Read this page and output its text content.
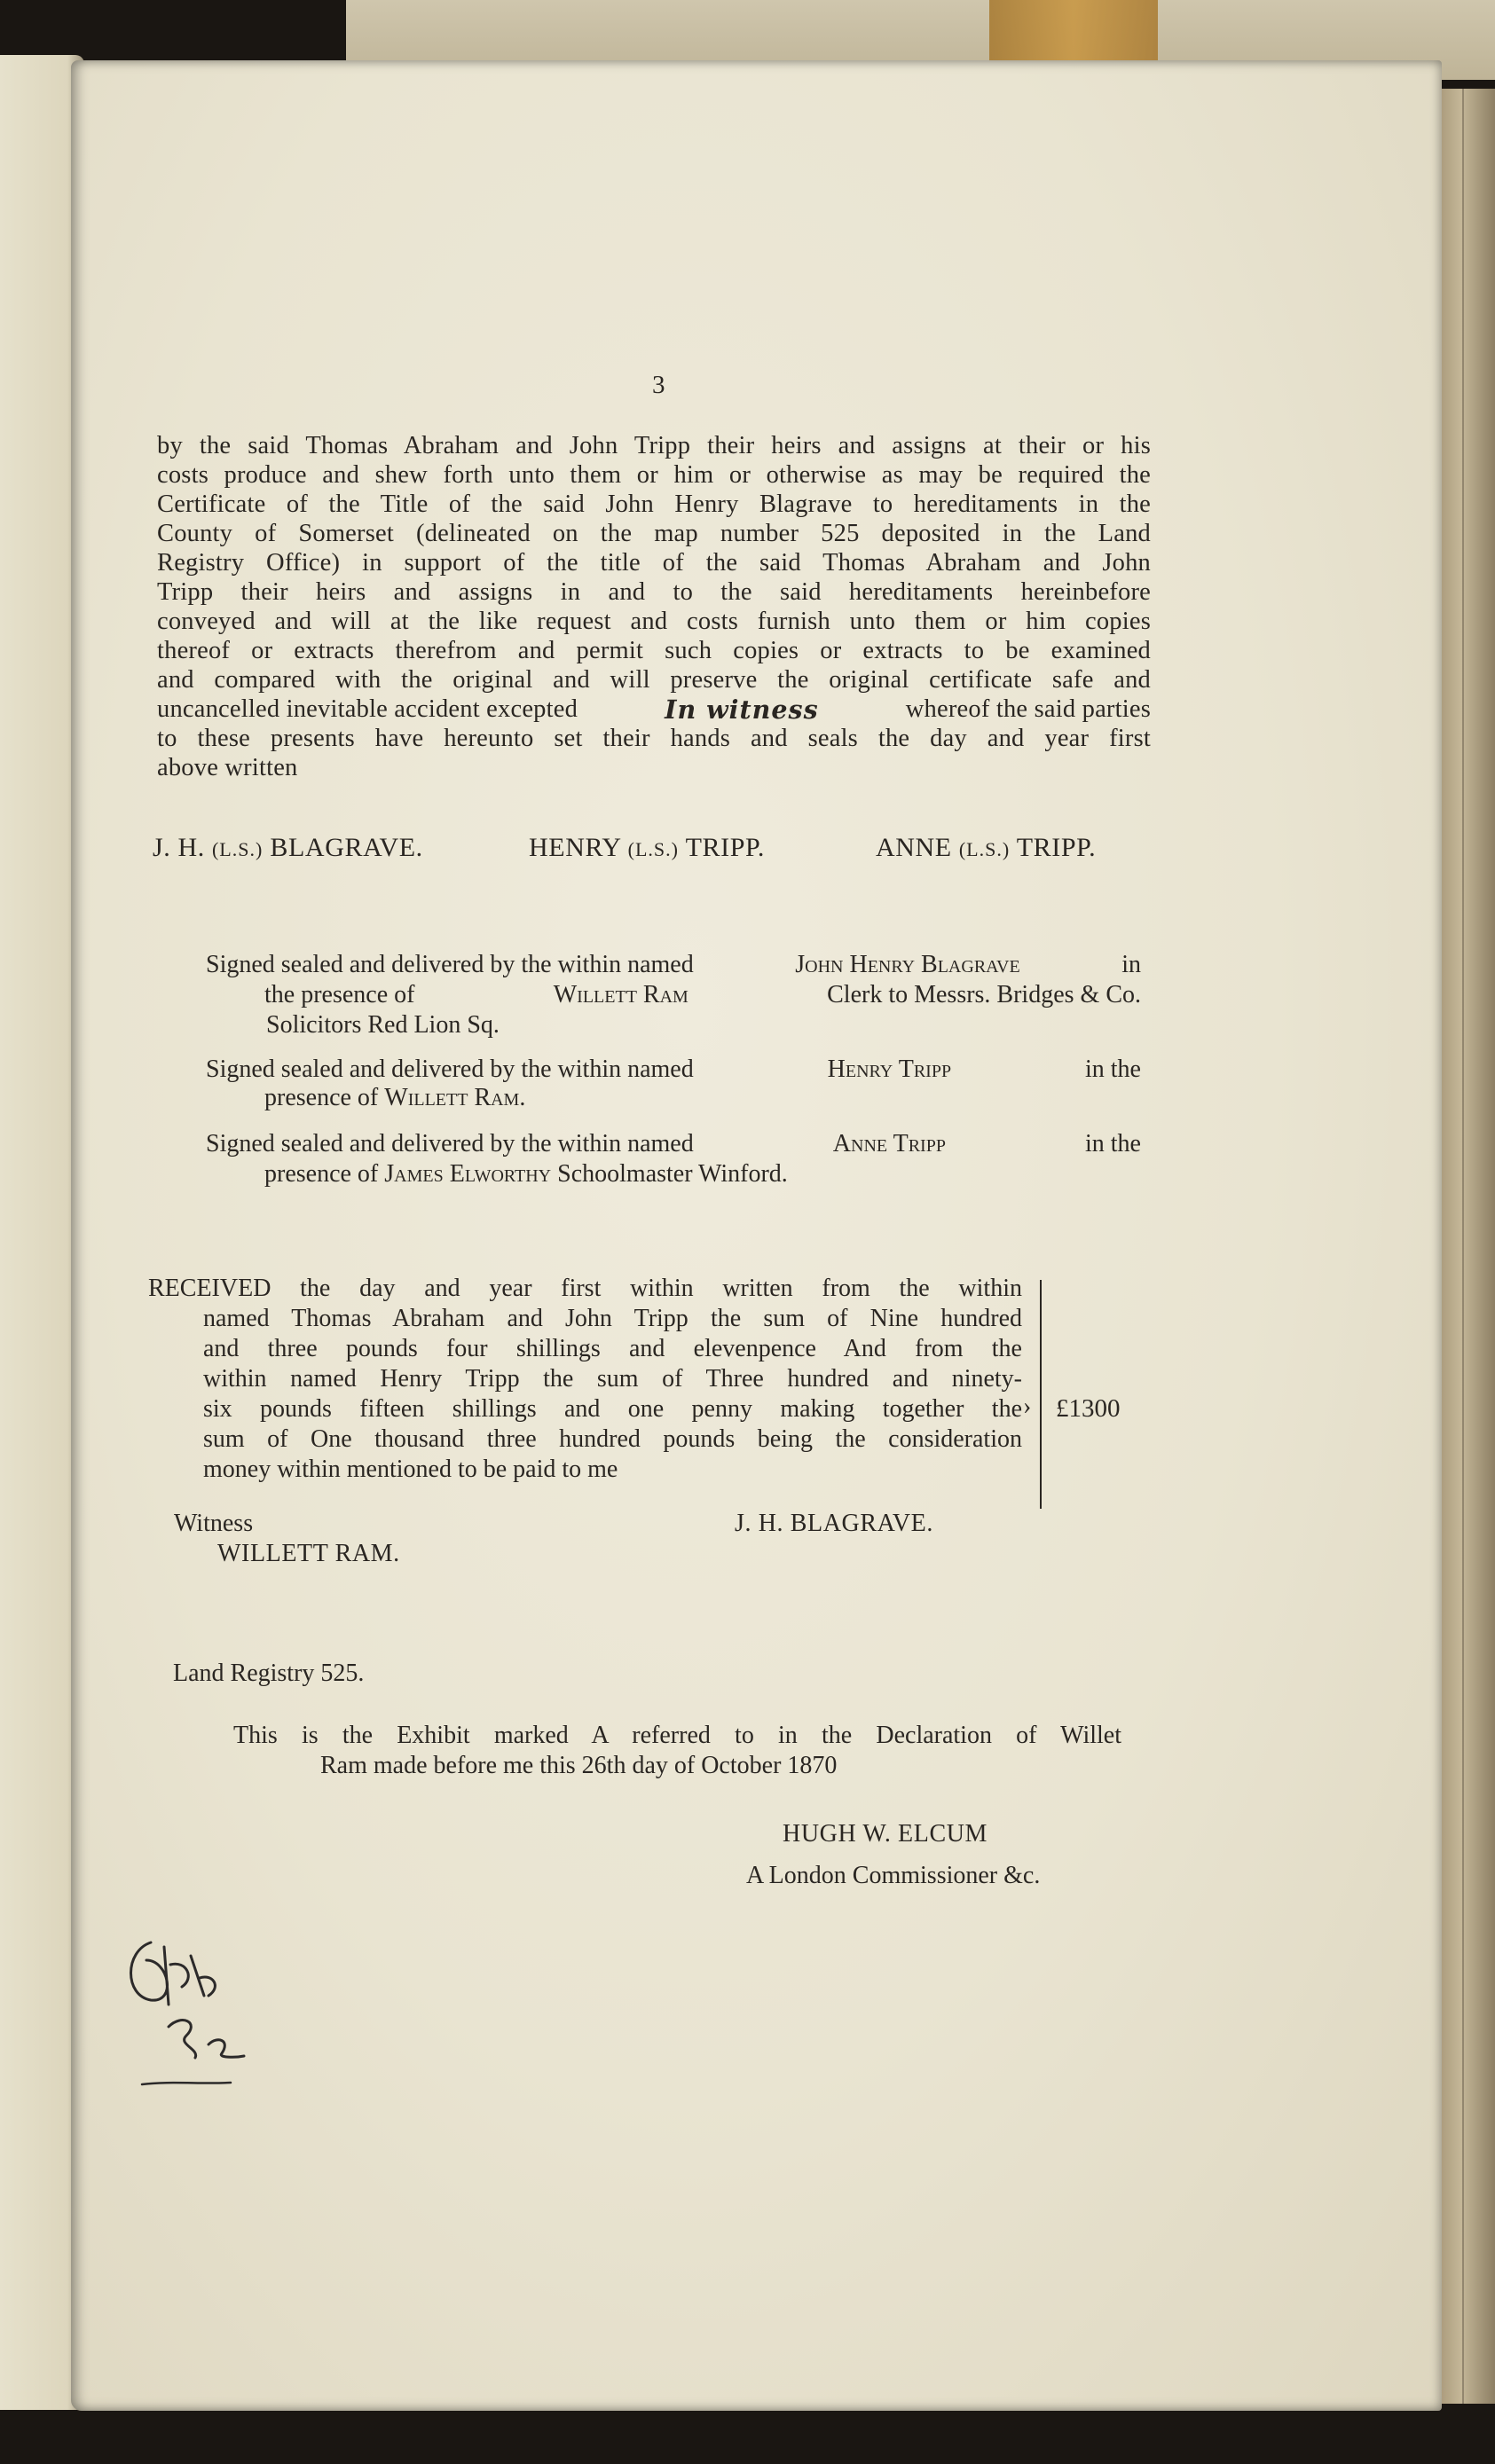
3
by the said Thomas Abraham and John Tripp their heirs and assigns at their or his
costs produce and shew forth unto them or him or otherwise as may be required the
Certificate of the Title of the said John Henry Blagrave to hereditaments in the
County of Somerset (delineated on the map number 525 deposited in the Land
Registry Office) in support of the title of the said Thomas Abraham and John
Tripp their heirs and assigns in and to the said hereditaments hereinbefore
conveyed and will at the like request and costs furnish unto them or him copies
thereof or extracts therefrom and permit such copies or extracts to be examined
and compared with the original and will preserve the original certificate safe and
uncancelled inevitable accident excepted	In witness	whereof the said parties
to these presents have hereunto set their hands and seals the day and year first
above written
J. H. (L.S.) BLAGRAVE.	HENRY (L.S.) TRIPP.	ANNE (L.S.) TRIPP.
Signed sealed and delivered by the within named	John Henry Blagrave	in
the presence of	Willett Ram	Clerk to Messrs. Bridges & Co.
Solicitors Red Lion Sq.
Signed sealed and delivered by the within named	Henry Tripp	in the
presence of Willett Ram.
Signed sealed and delivered by the within named	Anne Tripp	in the
presence of James Elworthy Schoolmaster Winford.
RECEIVED the day and year first within written from the within
named Thomas Abraham and John Tripp the sum of Nine hundred
and three pounds four shillings and elevenpence And from the
within named Henry Tripp the sum of Three hundred and ninety-
six pounds fifteen shillings and one penny making together the
sum of One thousand three hundred pounds being the consideration
money within mentioned to be paid to me
› £1300
Witness
WILLETT RAM.
J. H. BLAGRAVE.
Land Registry 525.
This is the Exhibit marked A referred to in the Declaration of Willet
Ram made before me this 26th day of October 1870
HUGH W. ELCUM
A London Commissioner &c.
